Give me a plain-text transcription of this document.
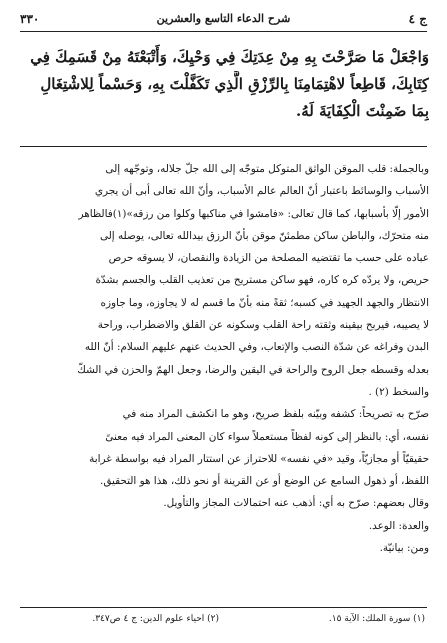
ج ٤
شرح الدعاء التاسع والعشرين
٣٣٠
وَاجْعَلْ مَا صَرَّحْتَ بِهِ مِنْ عِدَتِكَ فِي وَحْيِكَ، وَأَتْبَعْتَهُ مِنْ قَسَمِكَ فِي
كِتَابِكَ، قَاطِعاً لاهْتِمَامِنَا بِالرِّزْقِ الَّذِي تَكَفَّلْتَ بِهِ، وَحَسْماً لِلاشْتِغَالِ
بِمَا ضَمِنْتَ الْكِفَايَةَ لَهُ.
وبالجملة: قلب الموقن الواثق المتوكل متوجّه إلى الله جلّ جلاله، وتوجّهه إلى
الأسباب والوسائط باعتبار أنّ العالم عالم الأسباب، وأنّ الله تعالى أبى أن يجري
الأمور إلّا بأسبابها، كما قال تعالى: «فامشوا في مناكبها وكلوا من رزقه»(١)فالظاهر
منه متحرّك، والباطن ساكن مطمئنّ موقن بأنّ الرزق بيدالله تعالى، يوصله إلى
عباده على حسب ما تقتضيه المصلحة من الزيادة والنقصان، لا يسوقه حرص
حريص، ولا يردّه كره كاره، فهو ساكن مستريح من تعذيب القلب والجسم بشدّة
الانتظار والجهد الجهيد في كسبه؛ ثقةً منه بأنّ ما قسم له لا يجاوزه، وما جاوزه
لا يصيبه، فيربح بيقينه وثقته راحة القلب وسكونه عن القلق والاضطراب، وراحة
البدن وفراغه عن شدّة النصب والإتعاب، وفي الحديث عنهم عليهم السلام: أنّ الله
بعدله وقسطه جعل الروح والراحة في اليقين والرضا، وجعل الهمّ والحزن في الشكّ
والسخط (٢) .
صرّح به تصريحاً: كشفه وبيّنه بلفظ صريح، وهو ما انكشف المراد منه في
نفسه، أي: بالنظر إلى كونه لفظاً مستعملاً سواء كان المعنى المراد فيه معنىً
حقيقيّاً أو مجازيّاً، وقيد «في نفسه» للاحتراز عن استتار المراد فيه بواسطة غرابة
اللفظ، أو ذهول السامع عن الوضع أو عن القرينة أو نحو ذلك، هذا هو التحقيق.
وقال بعضهم: صرّح به أي: أذهب عنه احتمالات المجاز والتأويل.
والعدة: الوعد.
ومن: بيانيّة.
(١) سورة الملك: الآية ١٥.
(٢) احياء علوم الدين: ج ٤ ص٣٤٧.
